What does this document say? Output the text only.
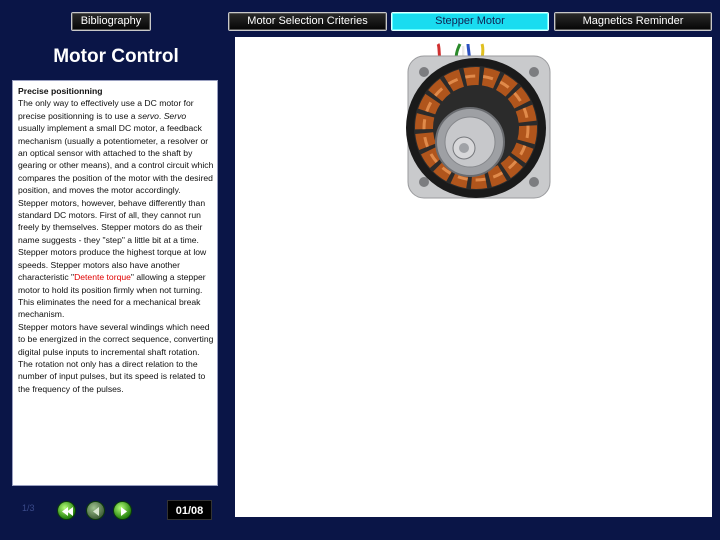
Bibliography	Motor Selection Criteries	Stepper Motor	Magnetics Reminder
Motor Control

Precise positionning

The only way to effectively use a DC motor for precise positionning is to use a servo. Servo usually implement a small DC motor, a feedback mechanism (usually a potentiometer, a resolver or an optical sensor with attached to the shaft by gearing or other means), and a control circuit which compares the position of the motor with the desired position, and moves the motor accordingly.

Stepper motors, however, behave differently than standard DC motors. First of all, they cannot run freely by themselves. Stepper motors do as their name suggests - they "step" a little bit at a time.

Stepper motors produce the highest torque at low speeds. Stepper motors also have another characteristic "Detente torque" allowing a stepper motor to hold its position firmly when not turning. This eliminates the need for a mechanical break mechanism.

Stepper motors have several windings which need to be energized in the correct sequence, converting digital pulse inputs to incremental shaft rotation. The rotation not only has a direct relation to the number of input pulses, but its speed is related to the frequency of the pulses.

1/3	01/08
